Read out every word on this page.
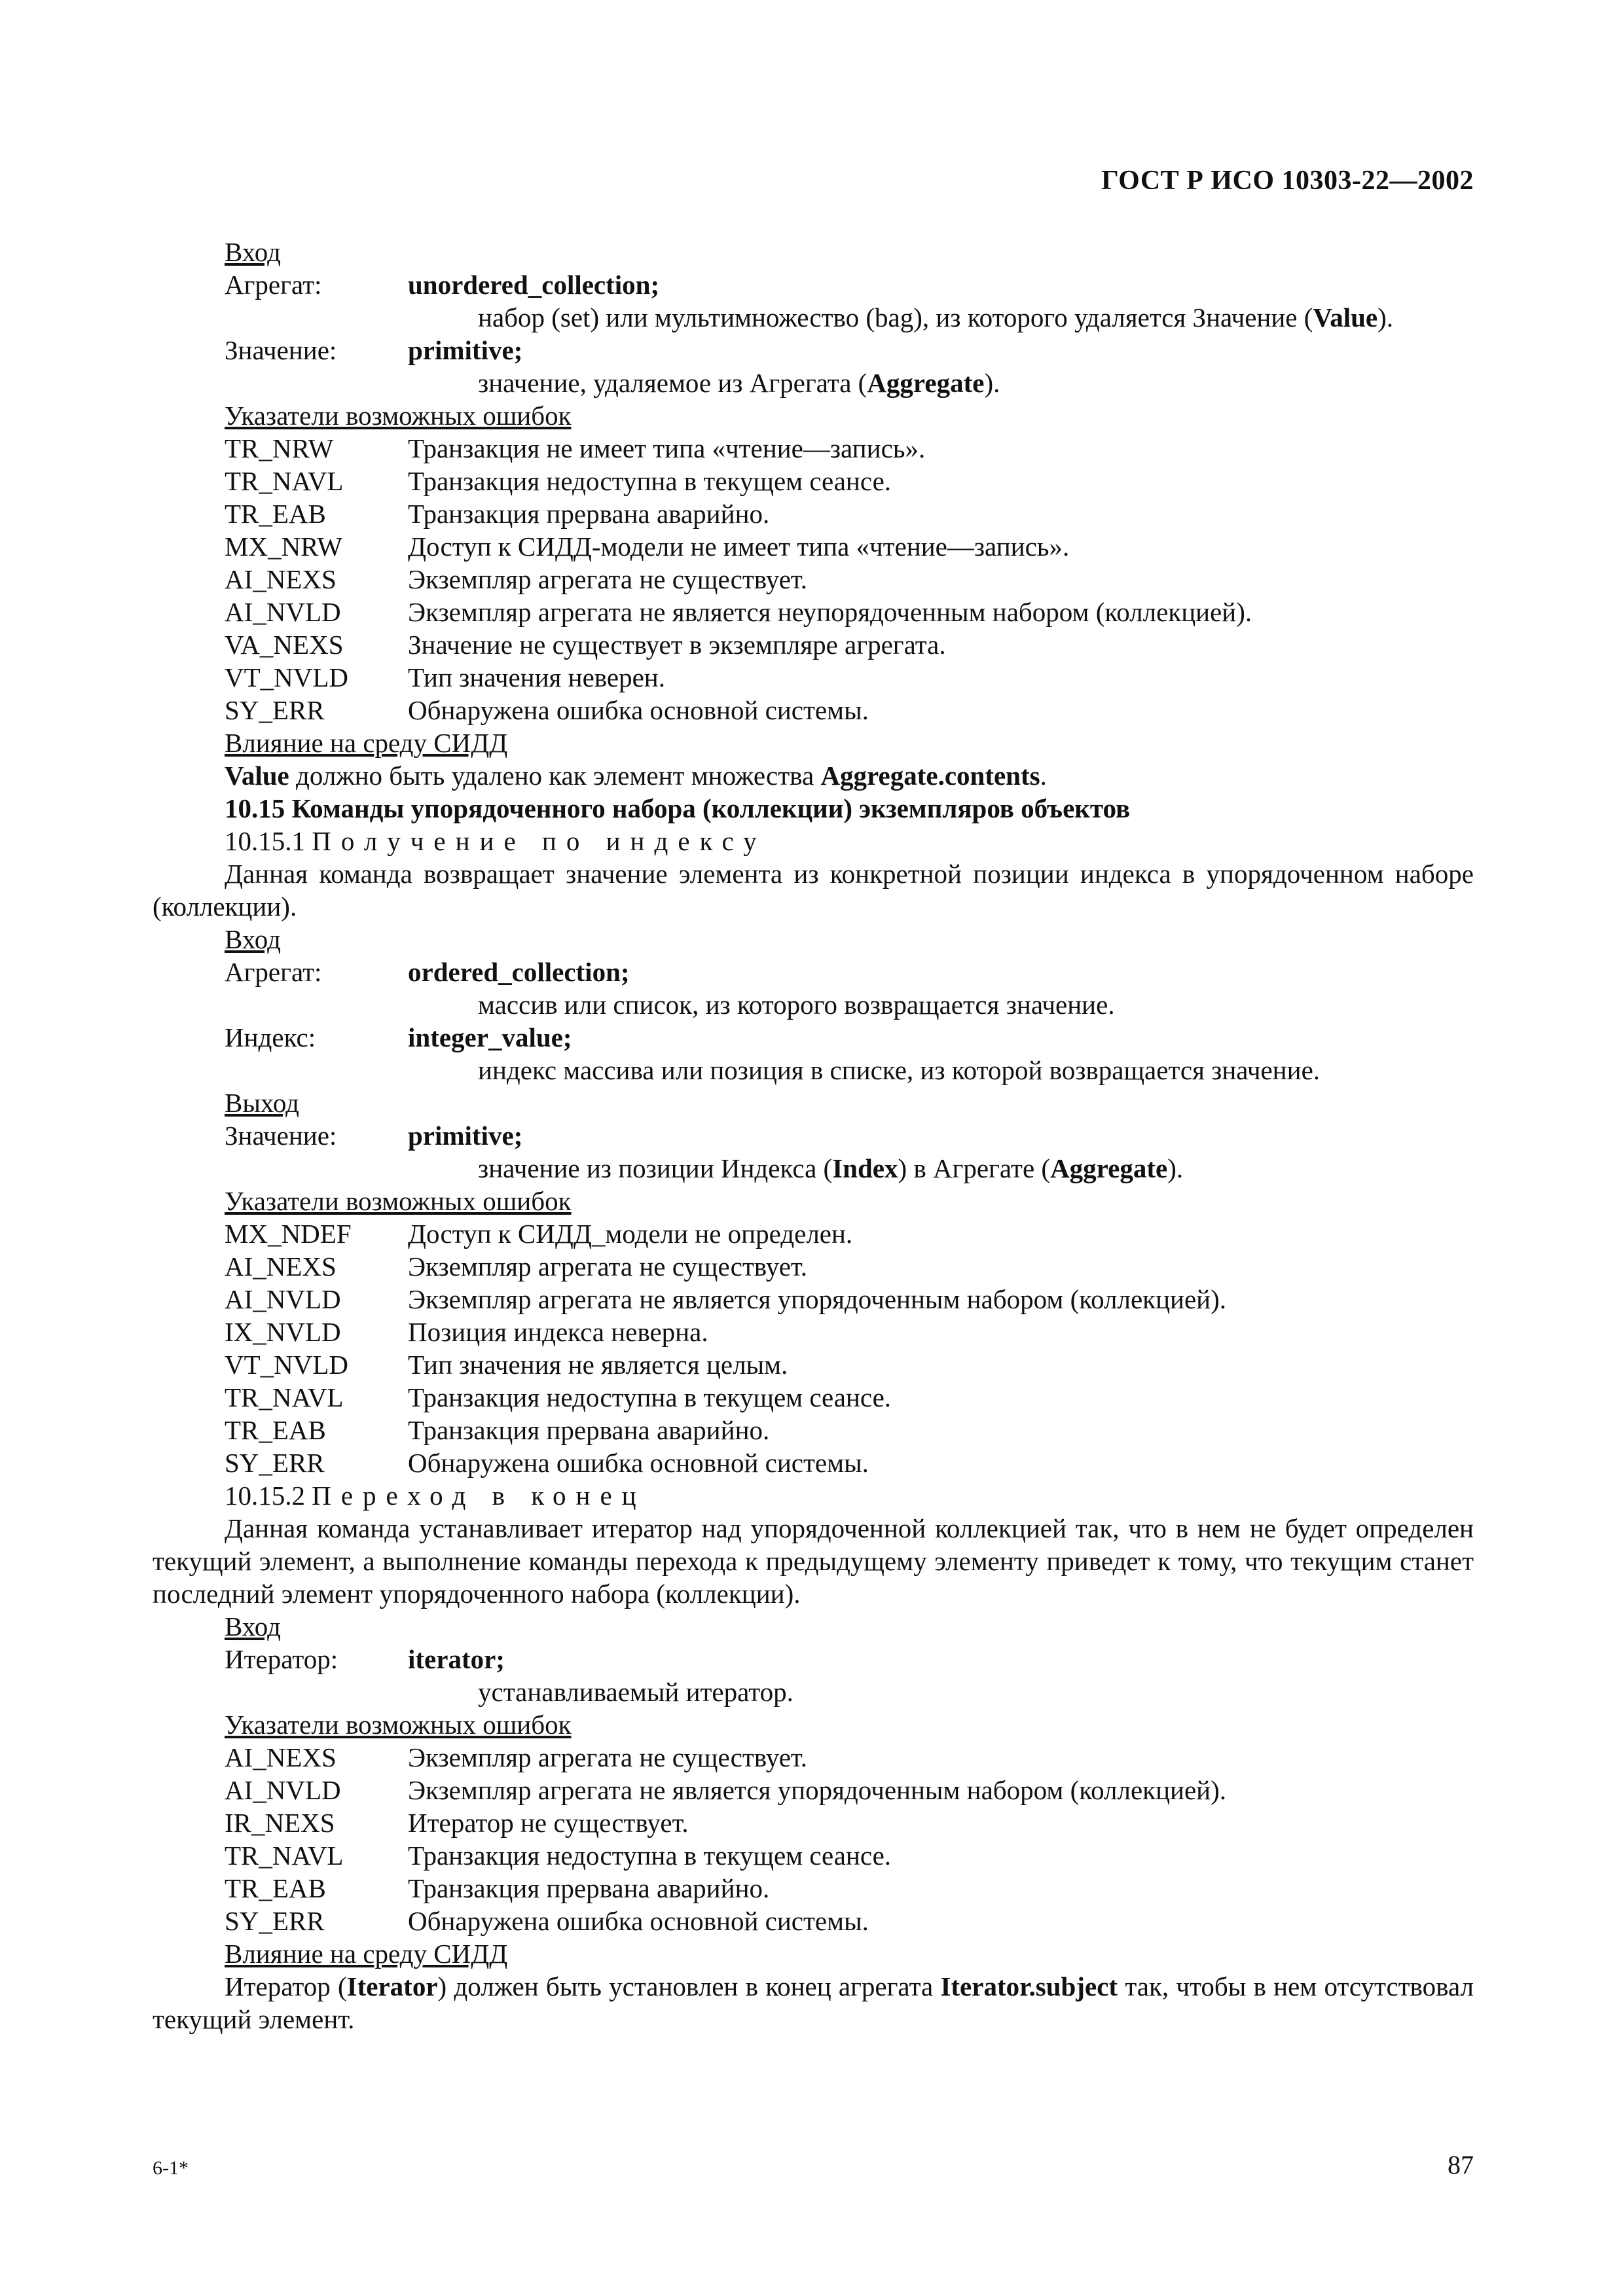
ГОСТ Р ИСО 10303-22—2002
Вход
Агрегат:	unordered_collection;
набор (set) или мультимножество (bag), из которого удаляется Значение (Value).
Значение:	primitive;
значение, удаляемое из Агрегата (Aggregate).
Указатели возможных ошибок
TR_NRW	Транзакция не имеет типа «чтение—запись».
TR_NAVL	Транзакция недоступна в текущем сеансе.
TR_EAB	Транзакция прервана аварийно.
MX_NRW	Доступ к СИДД-модели не имеет типа «чтение—запись».
AI_NEXS	Экземпляр агрегата не существует.
AI_NVLD	Экземпляр агрегата не является неупорядоченным набором (коллекцией).
VA_NEXS	Значение не существует в экземпляре агрегата.
VT_NVLD	Тип значения неверен.
SY_ERR	Обнаружена ошибка основной системы.
Влияние на среду СИДД
Value должно быть удалено как элемент множества Aggregate.contents.
10.15 Команды упорядоченного набора (коллекции) экземпляров объектов
10.15.1 Получение по индексу
Данная команда возвращает значение элемента из конкретной позиции индекса в упорядоченном наборе (коллекции).
Вход
Агрегат:	ordered_collection;
массив или список, из которого возвращается значение.
Индекс:	integer_value;
индекс массива или позиция в списке, из которой возвращается значение.
Выход
Значение:	primitive;
значение из позиции Индекса (Index) в Агрегате (Aggregate).
Указатели возможных ошибок
MX_NDEF	Доступ к СИДД_модели не определен.
AI_NEXS	Экземпляр агрегата не существует.
AI_NVLD	Экземпляр агрегата не является упорядоченным набором (коллекцией).
IX_NVLD	Позиция индекса неверна.
VT_NVLD	Тип значения не является целым.
TR_NAVL	Транзакция недоступна в текущем сеансе.
TR_EAB	Транзакция прервана аварийно.
SY_ERR	Обнаружена ошибка основной системы.
10.15.2 Переход в конец
Данная команда устанавливает итератор над упорядоченной коллекцией так, что в нем не будет определен текущий элемент, а выполнение команды перехода к предыдущему элементу приведет к тому, что текущим станет последний элемент упорядоченного набора (коллекции).
Вход
Итератор:	iterator;
устанавливаемый итератор.
Указатели возможных ошибок
AI_NEXS	Экземпляр агрегата не существует.
AI_NVLD	Экземпляр агрегата не является упорядоченным набором (коллекцией).
IR_NEXS	Итератор не существует.
TR_NAVL	Транзакция недоступна в текущем сеансе.
TR_EAB	Транзакция прервана аварийно.
SY_ERR	Обнаружена ошибка основной системы.
Влияние на среду СИДД
Итератор (Iterator) должен быть установлен в конец агрегата Iterator.subject так, чтобы в нем отсутствовал текущий элемент.
6-1*	87
